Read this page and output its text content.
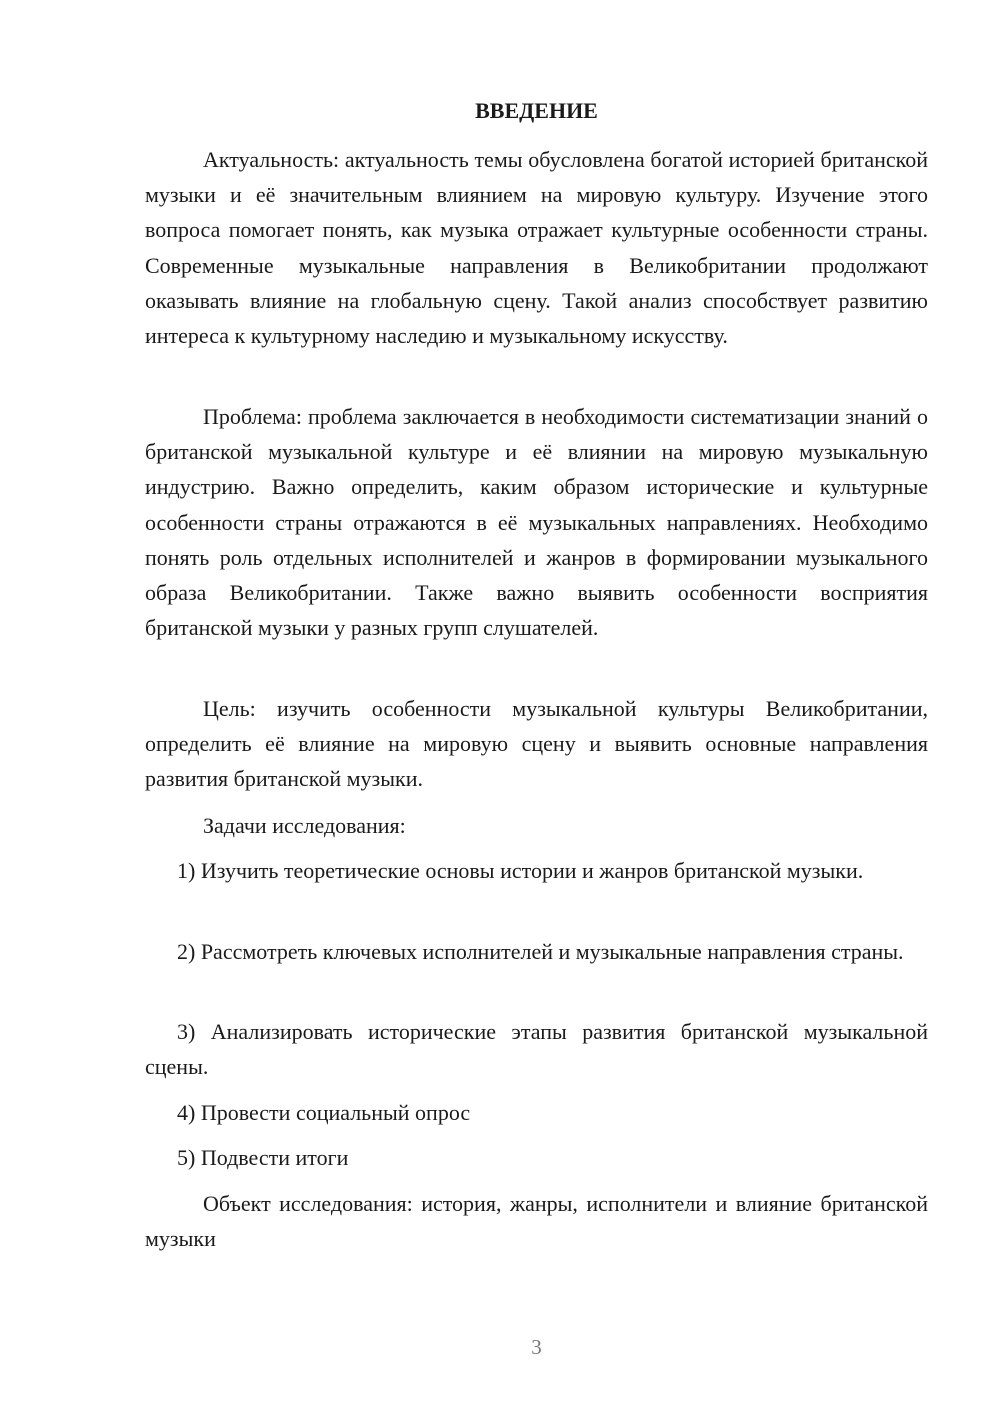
ВВЕДЕНИЕ

Актуальность: актуальность темы обусловлена богатой историей британской музыки и её значительным влиянием на мировую культуру. Изучение этого вопроса помогает понять, как музыка отражает культурные особенности страны. Современные музыкальные направления в Великобритании продолжают оказывать влияние на глобальную сцену. Такой анализ способствует развитию интереса к культурному наследию и музыкальному искусству.

Проблема: проблема заключается в необходимости систематизации знаний о британской музыкальной культуре и её влиянии на мировую музыкальную индустрию. Важно определить, каким образом исторические и культурные особенности страны отражаются в её музыкальных направлениях. Необходимо понять роль отдельных исполнителей и жанров в формировании музыкального образа Великобритании. Также важно выявить особенности восприятия британской музыки у разных групп слушателей.

Цель: изучить особенности музыкальной культуры Великобритании, определить её влияние на мировую сцену и выявить основные направления развития британской музыки.

Задачи исследования:

1) Изучить теоретические основы истории и жанров британской музыки.

2) Рассмотреть ключевых исполнителей и музыкальные направления страны.

3) Анализировать исторические этапы развития британской музыкальной сцены.

4) Провести социальный опрос

5) Подвести итоги

Объект исследования: история, жанры, исполнители и влияние британской музыки

3
